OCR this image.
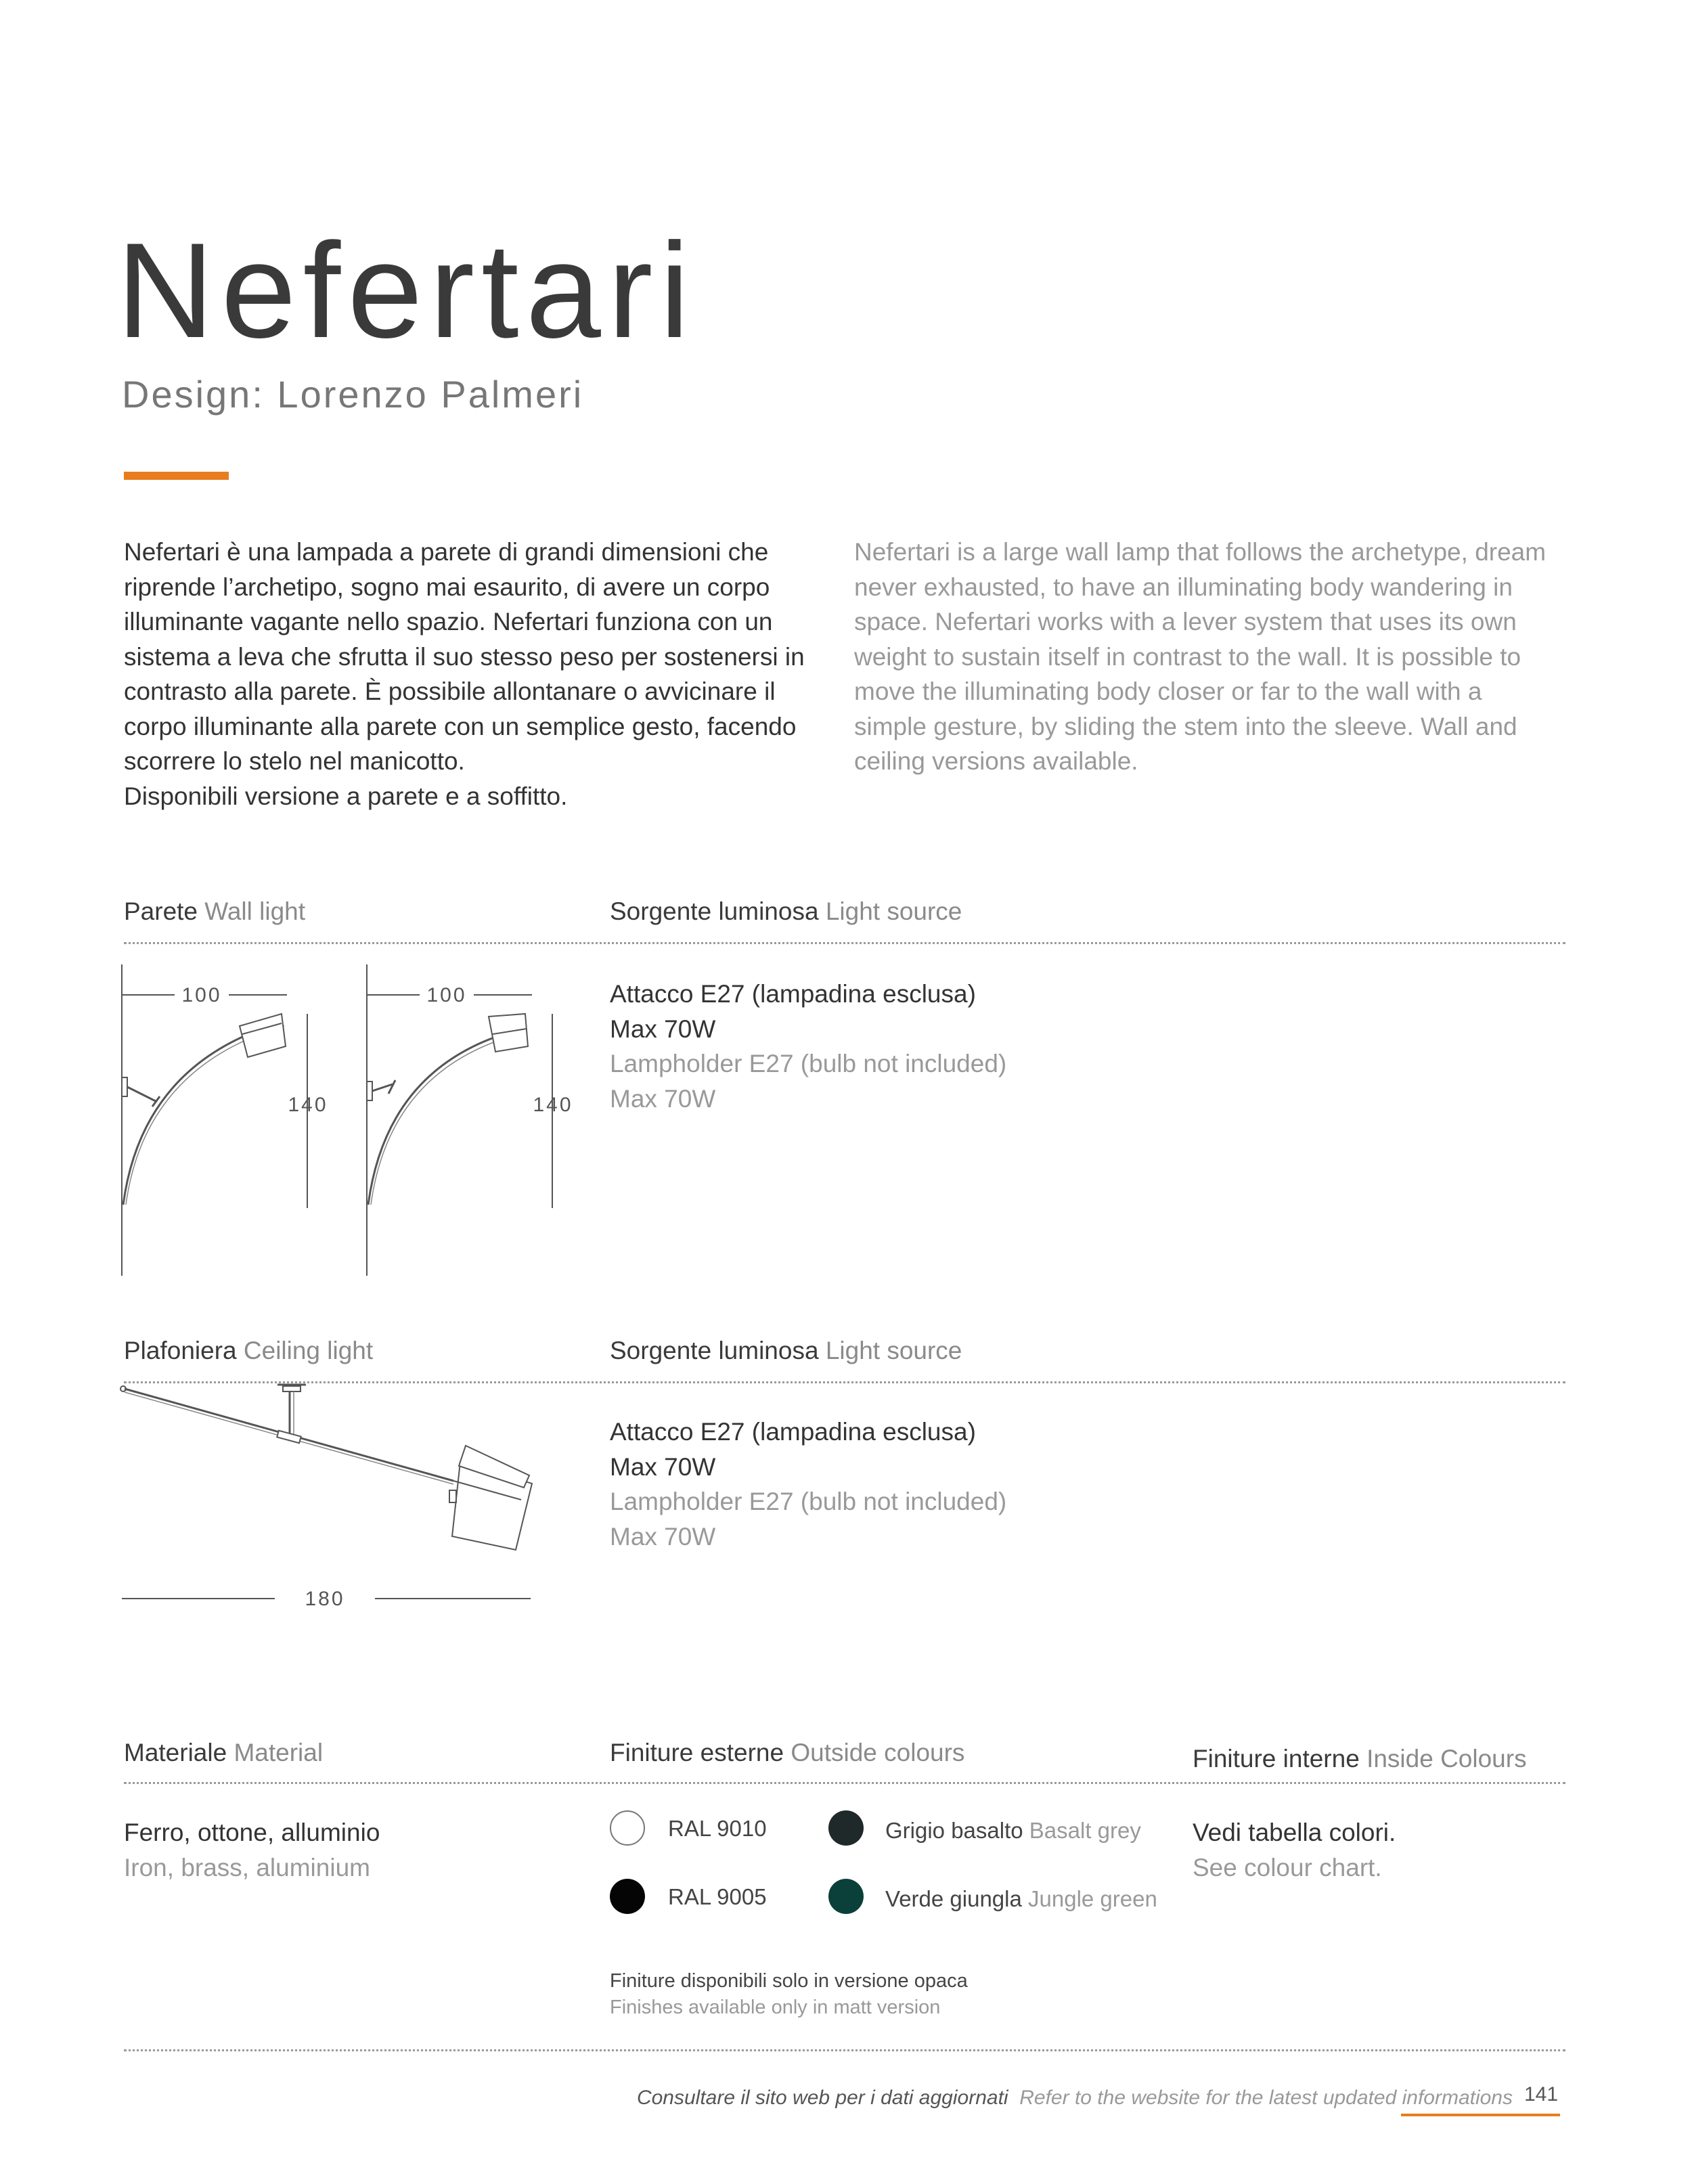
Nefertari
Design: Lorenzo Palmeri
Nefertari è una lampada a parete di grandi dimensioni che riprende l’archetipo, sogno mai esaurito, di avere un corpo illuminante vagante nello spazio. Nefertari funziona con un sistema a leva che sfrutta il suo stesso peso per sostenersi in contrasto alla parete. È possibile allontanare o avvicinare il corpo illuminante alla parete con un semplice gesto, facendo scorrere lo stelo nel manicotto.
Disponibili versione a parete e a soffitto.
Nefertari is a large wall lamp that follows the archetype, dream never exhausted, to have an illuminating body wandering in space. Nefertari works with a lever system that uses its own weight to sustain itself in contrast to the wall. It is possible to move the illuminating body closer or far to the wall with a simple gesture, by sliding the stem into the sleeve. Wall and ceiling versions available.
Parete Wall light	Sorgente luminosa Light source
100
140
100
140
Attacco E27 (lampadina esclusa)
Max 70W
Lampholder E27 (bulb not included)
Max 70W
Plafoniera Ceiling light	Sorgente luminosa Light source
180
Attacco E27 (lampadina esclusa)
Max 70W
Lampholder E27 (bulb not included)
Max 70W
Materiale Material	Finiture esterne Outside colours	Finiture interne Inside Colours
Ferro, ottone, alluminio
Iron, brass, aluminium
RAL 9010	Grigio basalto Basalt grey
RAL 9005	Verde giungla Jungle green
Vedi tabella colori.
See colour chart.
Finiture disponibili solo in versione opaca
Finishes available only in matt version
Consultare il sito web per i dati aggiornati Refer to the website for the latest updated informations 141
